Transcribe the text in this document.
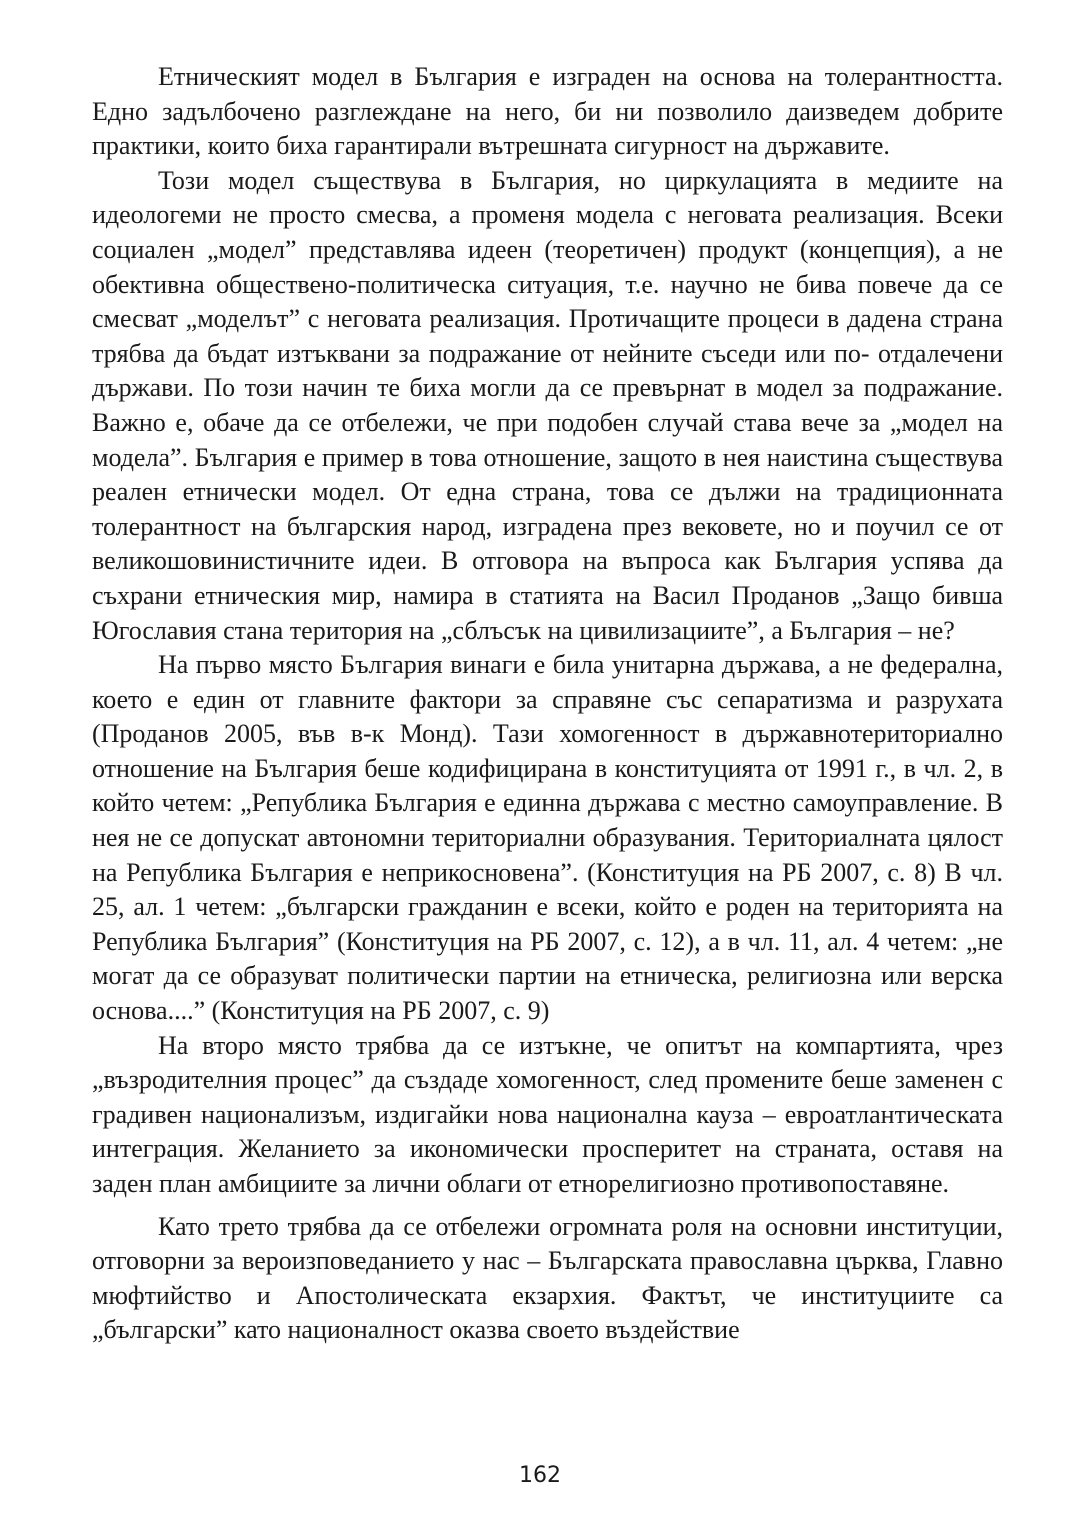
Етническият модел в България е изграден на основа на толерантността. Едно задълбочено разглеждане на него, би ни позволило даизведем добрите практики, които биха гарантирали вътрешната сигурност на държавите.

Този модел съществува в България, но циркулацията в медиите на идеологеми не просто смесва, а променя модела с неговата реализация. Всеки социален „модел” представлява идеен (теоретичен) продукт (концепция), а не обективна обществено-политическа ситуация, т.е. научно не бива повече да се смесват „моделът” с неговата реализация. Протичащите процеси в дадена страна трябва да бъдат изтъквани за подражание от нейните съседи или по- отдалечени държави. По този начин те биха могли да се превърнат в модел за подражание. Важно е, обаче да се отбележи, че при подобен случай става вече за „модел на модела”. България е пример в това отношение, защото в нея наистина съществува реален етнически модел. От една страна, това се дължи на традиционната толерантност на българския народ, изградена през вековете, но и поучил се от великошовинистичните идеи. В отговора на въпроса как България успява да съхрани етническия мир, намира в статията на Васил Проданов „Защо бивша Югославия стана територия на „сблъсък на цивилизациите”, а България – не?

На първо място България винаги е била унитарна държава, а не федерална, което е един от главните фактори за справяне със сепаратизма и разрухата (Проданов 2005, във в-к Монд). Тази хомогенност в държавнотериториално отношение на България беше кодифицирана в конституцията от 1991 г., в чл. 2, в който четем: „Република България е единна държава с местно самоуправление. В нея не се допускат автономни териториални образувания. Териториалната цялост на Република България е неприкосновена”. (Конституция на РБ 2007, с. 8) В чл. 25, ал. 1 четем: „български гражданин е всеки, който е роден на територията на Република България” (Конституция на РБ 2007, с. 12), а в чл. 11, ал. 4 четем: „не могат да се образуват политически партии на етническа, религиозна или верска основа....” (Конституция на РБ 2007, с. 9)

На второ място трябва да се изтъкне, че опитът на компартията, чрез „възродителния процес” да създаде хомогенност, след промените беше заменен с градивен национализъм, издигайки нова национална кауза – евроатлантическата интеграция. Желанието за икономически просперитет на страната, оставя на заден план амбициите за лични облаги от етнорелигиозно противопоставяне.

Като трето трябва да се отбележи огромната роля на основни институции, отговорни за вероизповеданието у нас – Българската православна църква, Главно мюфтийство и Апостолическата екзархия. Фактът, че институциите са „български” като националност оказва своето въздействие

162
